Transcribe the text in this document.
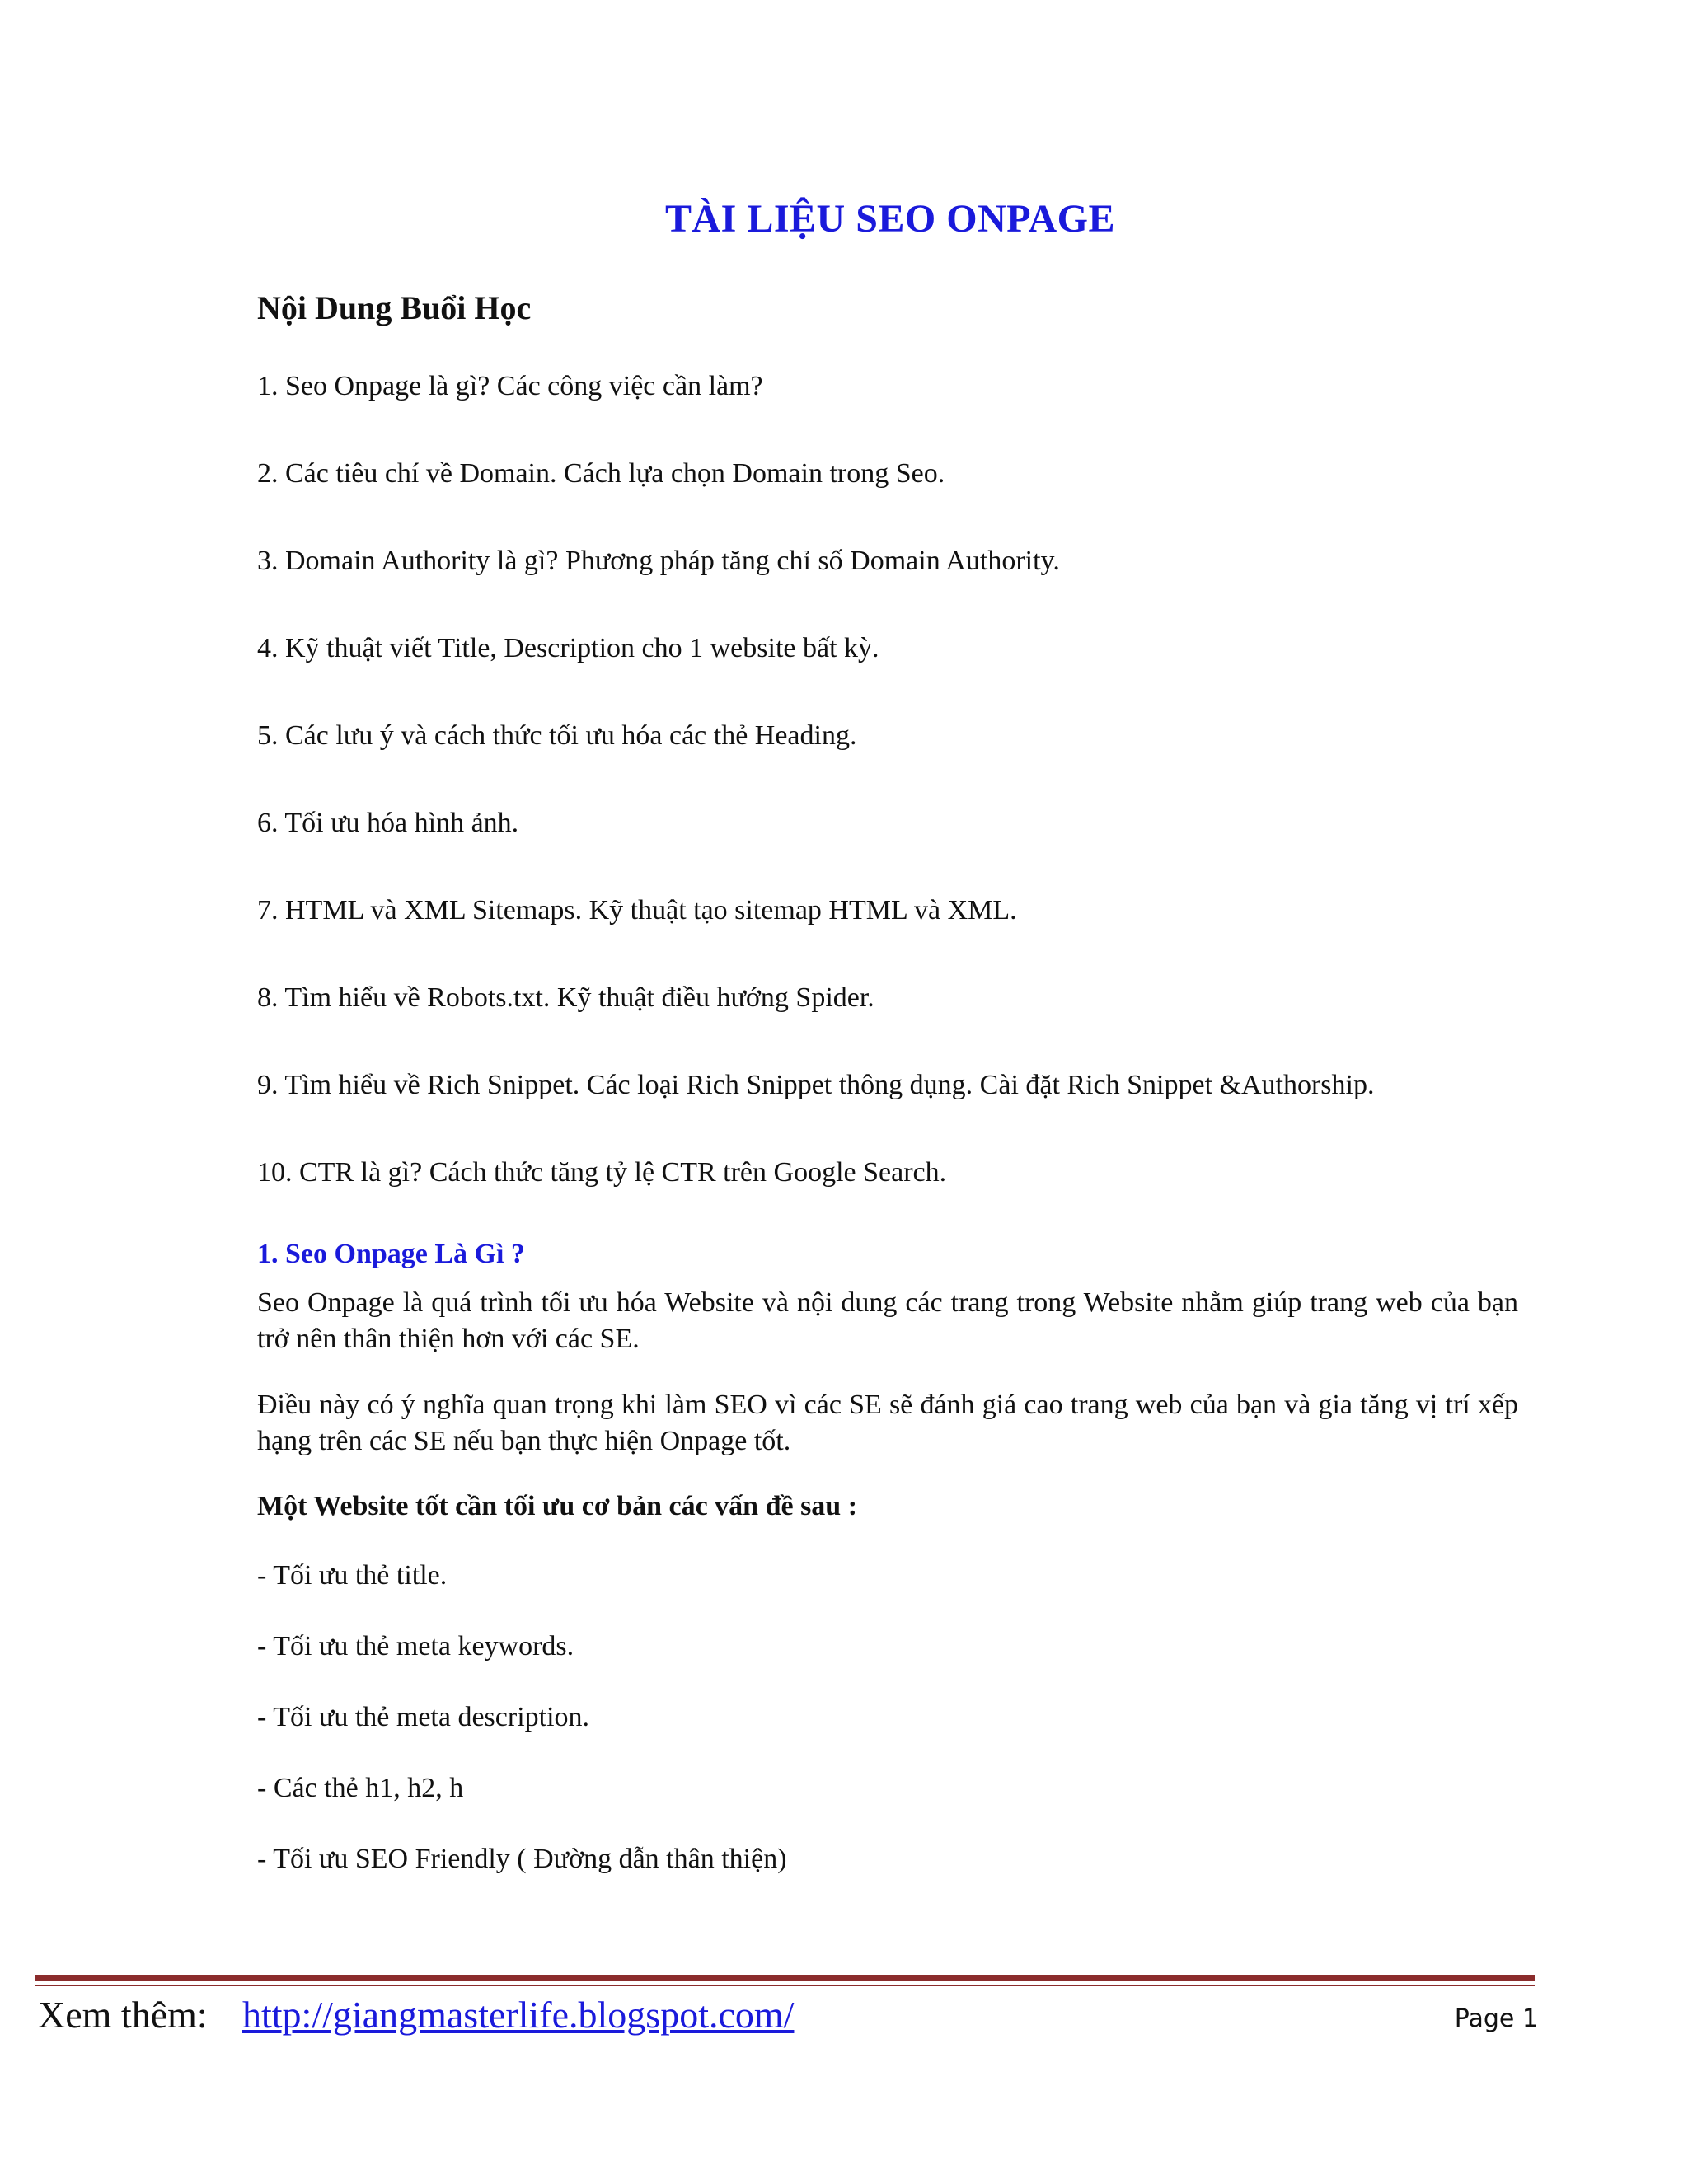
TÀI LIỆU SEO ONPAGE
Nội Dung Buổi Học
1. Seo Onpage là gì? Các công việc cần làm?
2. Các tiêu chí về Domain. Cách lựa chọn Domain trong Seo.
3. Domain Authority là gì? Phương pháp tăng chỉ số Domain Authority.
4. Kỹ thuật viết Title, Description cho 1 website bất kỳ.
5. Các lưu ý và cách thức tối ưu hóa các thẻ Heading.
6. Tối ưu hóa hình ảnh.
7. HTML và XML Sitemaps. Kỹ thuật tạo sitemap HTML và XML.
8. Tìm hiểu về Robots.txt. Kỹ thuật điều hướng Spider.
9. Tìm hiểu về Rich Snippet. Các loại Rich Snippet thông dụng. Cài đặt Rich Snippet &Authorship.
10. CTR là gì? Cách thức tăng tỷ lệ CTR trên Google Search.
1. Seo Onpage Là Gì ?
Seo Onpage là quá trình tối ưu hóa Website và nội dung các trang trong Website nhằm giúp trang web của bạn trở nên thân thiện hơn với các SE.
Điều này có ý nghĩa quan trọng khi làm SEO vì các SE sẽ đánh giá cao trang web của bạn và gia tăng vị trí xếp hạng trên các SE nếu bạn thực hiện Onpage tốt.
Một Website tốt cần tối ưu cơ bản các vấn đề sau :
- Tối ưu thẻ title.
- Tối ưu thẻ meta keywords.
- Tối ưu thẻ meta description.
- Các thẻ h1, h2, h
- Tối ưu SEO Friendly ( Đường dẫn thân thiện)
Xem thêm: http://giangmasterlife.blogspot.com/	Page 1
